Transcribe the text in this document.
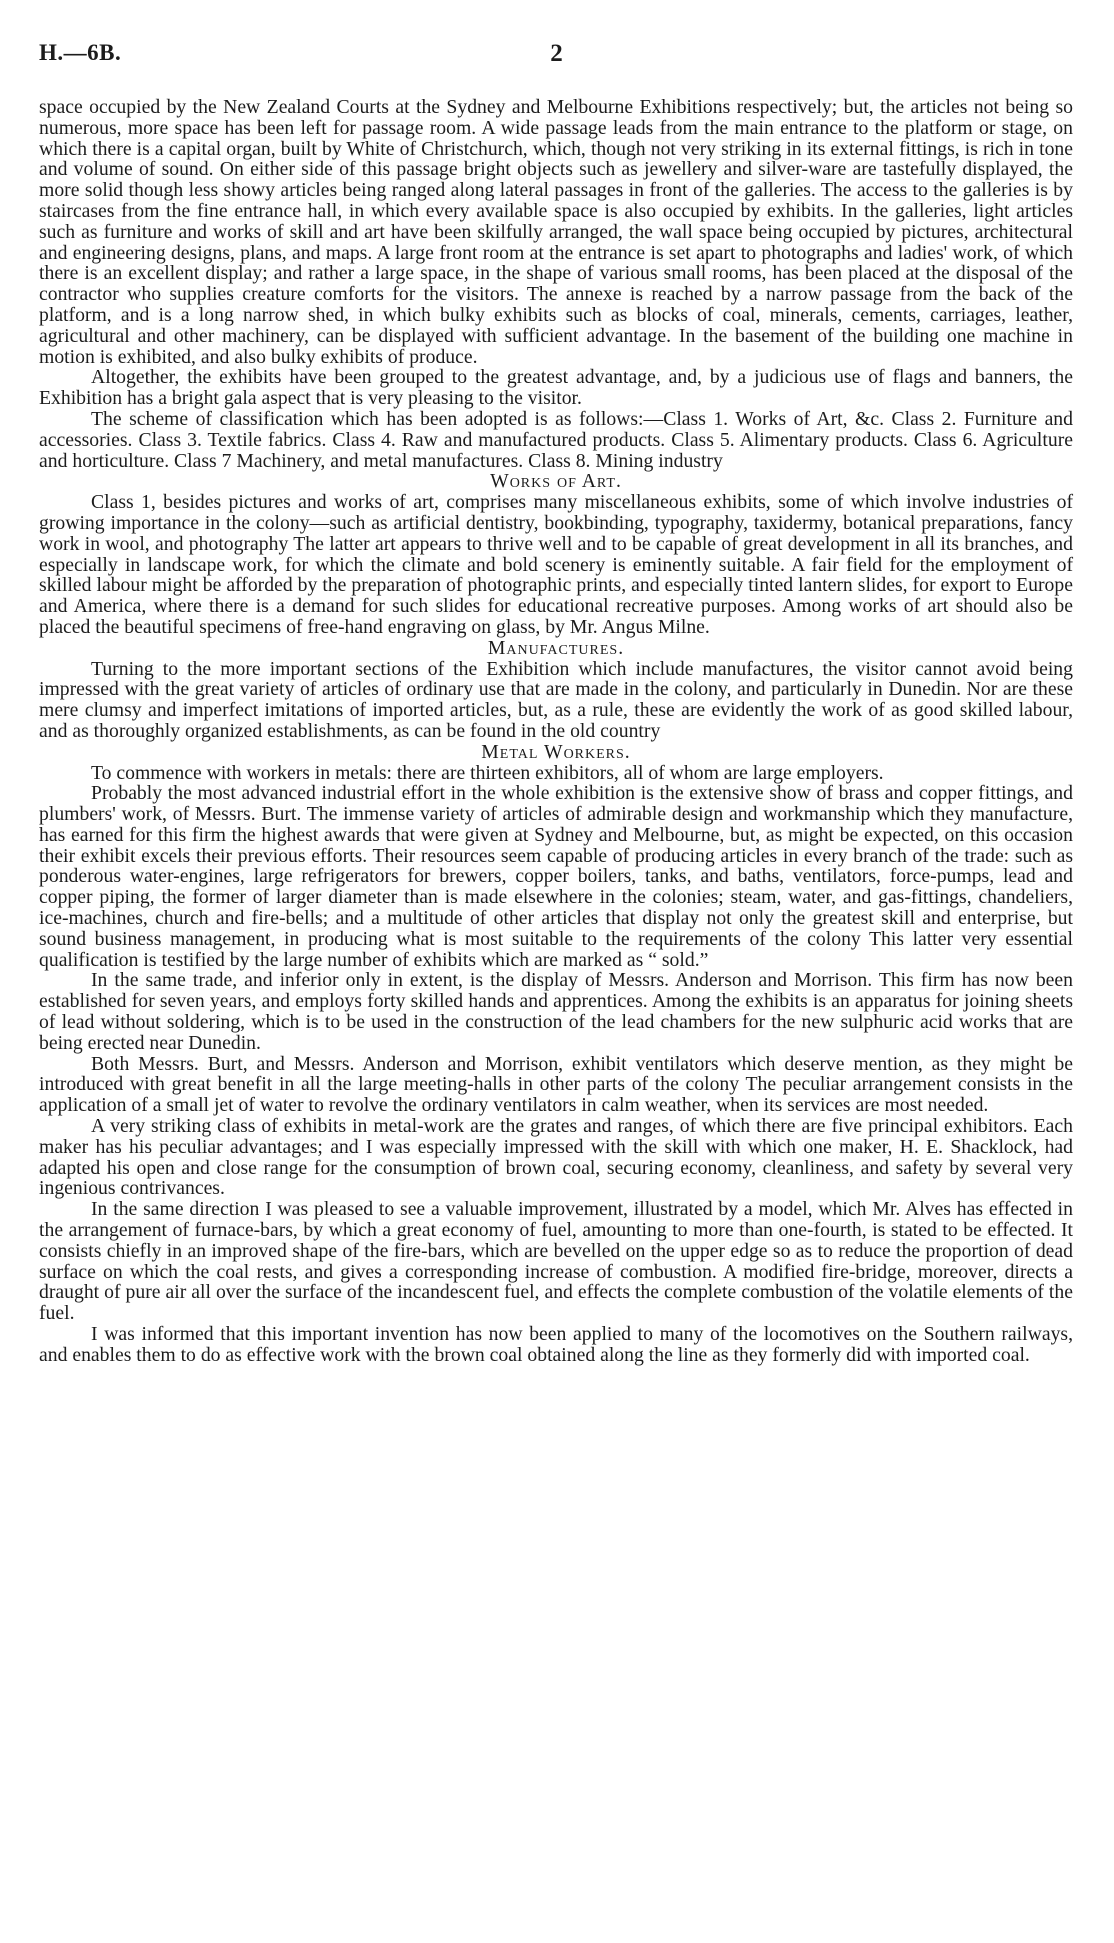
H.—6B.	2

space occupied by the New Zealand Courts at the Sydney and Melbourne Exhibitions respectively; but, the articles not being so numerous, more space has been left for passage room. A wide passage leads from the main entrance to the platform or stage, on which there is a capital organ, built by White of Christchurch, which, though not very striking in its external fittings, is rich in tone and volume of sound. On either side of this passage bright objects such as jewellery and silver-ware are tastefully displayed, the more solid though less showy articles being ranged along lateral passages in front of the galleries. The access to the galleries is by staircases from the fine entrance hall, in which every available space is also occupied by exhibits. In the galleries, light articles such as furniture and works of skill and art have been skilfully arranged, the wall space being occupied by pictures, architectural and engineering designs, plans, and maps. A large front room at the entrance is set apart to photographs and ladies' work, of which there is an excellent display; and rather a large space, in the shape of various small rooms, has been placed at the disposal of the contractor who supplies creature comforts for the visitors. The annexe is reached by a narrow passage from the back of the platform, and is a long narrow shed, in which bulky exhibits such as blocks of coal, minerals, cements, carriages, leather, agricultural and other machinery, can be displayed with sufficient advantage. In the basement of the building one machine in motion is exhibited, and also bulky exhibits of produce.

Altogether, the exhibits have been grouped to the greatest advantage, and, by a judicious use of flags and banners, the Exhibition has a bright gala aspect that is very pleasing to the visitor.

The scheme of classification which has been adopted is as follows:—Class 1. Works of Art, &c. Class 2. Furniture and accessories. Class 3. Textile fabrics. Class 4. Raw and manufactured products. Class 5. Alimentary products. Class 6. Agriculture and horticulture. Class 7 Machinery, and metal manufactures. Class 8. Mining industry

Works of Art.

Class 1, besides pictures and works of art, comprises many miscellaneous exhibits, some of which involve industries of growing importance in the colony—such as artificial dentistry, bookbinding, typography, taxidermy, botanical preparations, fancy work in wool, and photography The latter art appears to thrive well and to be capable of great development in all its branches, and especially in landscape work, for which the climate and bold scenery is eminently suitable. A fair field for the employment of skilled labour might be afforded by the preparation of photographic prints, and especially tinted lantern slides, for export to Europe and America, where there is a demand for such slides for educational recreative purposes. Among works of art should also be placed the beautiful specimens of free-hand engraving on glass, by Mr. Angus Milne.

Manufactures.

Turning to the more important sections of the Exhibition which include manufactures, the visitor cannot avoid being impressed with the great variety of articles of ordinary use that are made in the colony, and particularly in Dunedin. Nor are these mere clumsy and imperfect imitations of imported articles, but, as a rule, these are evidently the work of as good skilled labour, and as thoroughly organized establishments, as can be found in the old country

Metal Workers.

To commence with workers in metals: there are thirteen exhibitors, all of whom are large employers.

Probably the most advanced industrial effort in the whole exhibition is the extensive show of brass and copper fittings, and plumbers' work, of Messrs. Burt. The immense variety of articles of admirable design and workmanship which they manufacture, has earned for this firm the highest awards that were given at Sydney and Melbourne, but, as might be expected, on this occasion their exhibit excels their previous efforts. Their resources seem capable of producing articles in every branch of the trade: such as ponderous water-engines, large refrigerators for brewers, copper boilers, tanks, and baths, ventilators, force-pumps, lead and copper piping, the former of larger diameter than is made elsewhere in the colonies; steam, water, and gas-fittings, chandeliers, ice-machines, church and fire-bells; and a multitude of other articles that display not only the greatest skill and enterprise, but sound business management, in producing what is most suitable to the requirements of the colony This latter very essential qualification is testified by the large number of exhibits which are marked as “ sold.”

In the same trade, and inferior only in extent, is the display of Messrs. Anderson and Morrison. This firm has now been established for seven years, and employs forty skilled hands and apprentices. Among the exhibits is an apparatus for joining sheets of lead without soldering, which is to be used in the construction of the lead chambers for the new sulphuric acid works that are being erected near Dunedin.

Both Messrs. Burt, and Messrs. Anderson and Morrison, exhibit ventilators which deserve mention, as they might be introduced with great benefit in all the large meeting-halls in other parts of the colony The peculiar arrangement consists in the application of a small jet of water to revolve the ordinary ventilators in calm weather, when its services are most needed.

A very striking class of exhibits in metal-work are the grates and ranges, of which there are five principal exhibitors. Each maker has his peculiar advantages; and I was especially impressed with the skill with which one maker, H. E. Shacklock, had adapted his open and close range for the consumption of brown coal, securing economy, cleanliness, and safety by several very ingenious contrivances.

In the same direction I was pleased to see a valuable improvement, illustrated by a model, which Mr. Alves has effected in the arrangement of furnace-bars, by which a great economy of fuel, amounting to more than one-fourth, is stated to be effected. It consists chiefly in an improved shape of the fire-bars, which are bevelled on the upper edge so as to reduce the proportion of dead surface on which the coal rests, and gives a corresponding increase of combustion. A modified fire-bridge, moreover, directs a draught of pure air all over the surface of the incandescent fuel, and effects the complete combustion of the volatile elements of the fuel.

I was informed that this important invention has now been applied to many of the locomotives on the Southern railways, and enables them to do as effective work with the brown coal obtained along the line as they formerly did with imported coal.
